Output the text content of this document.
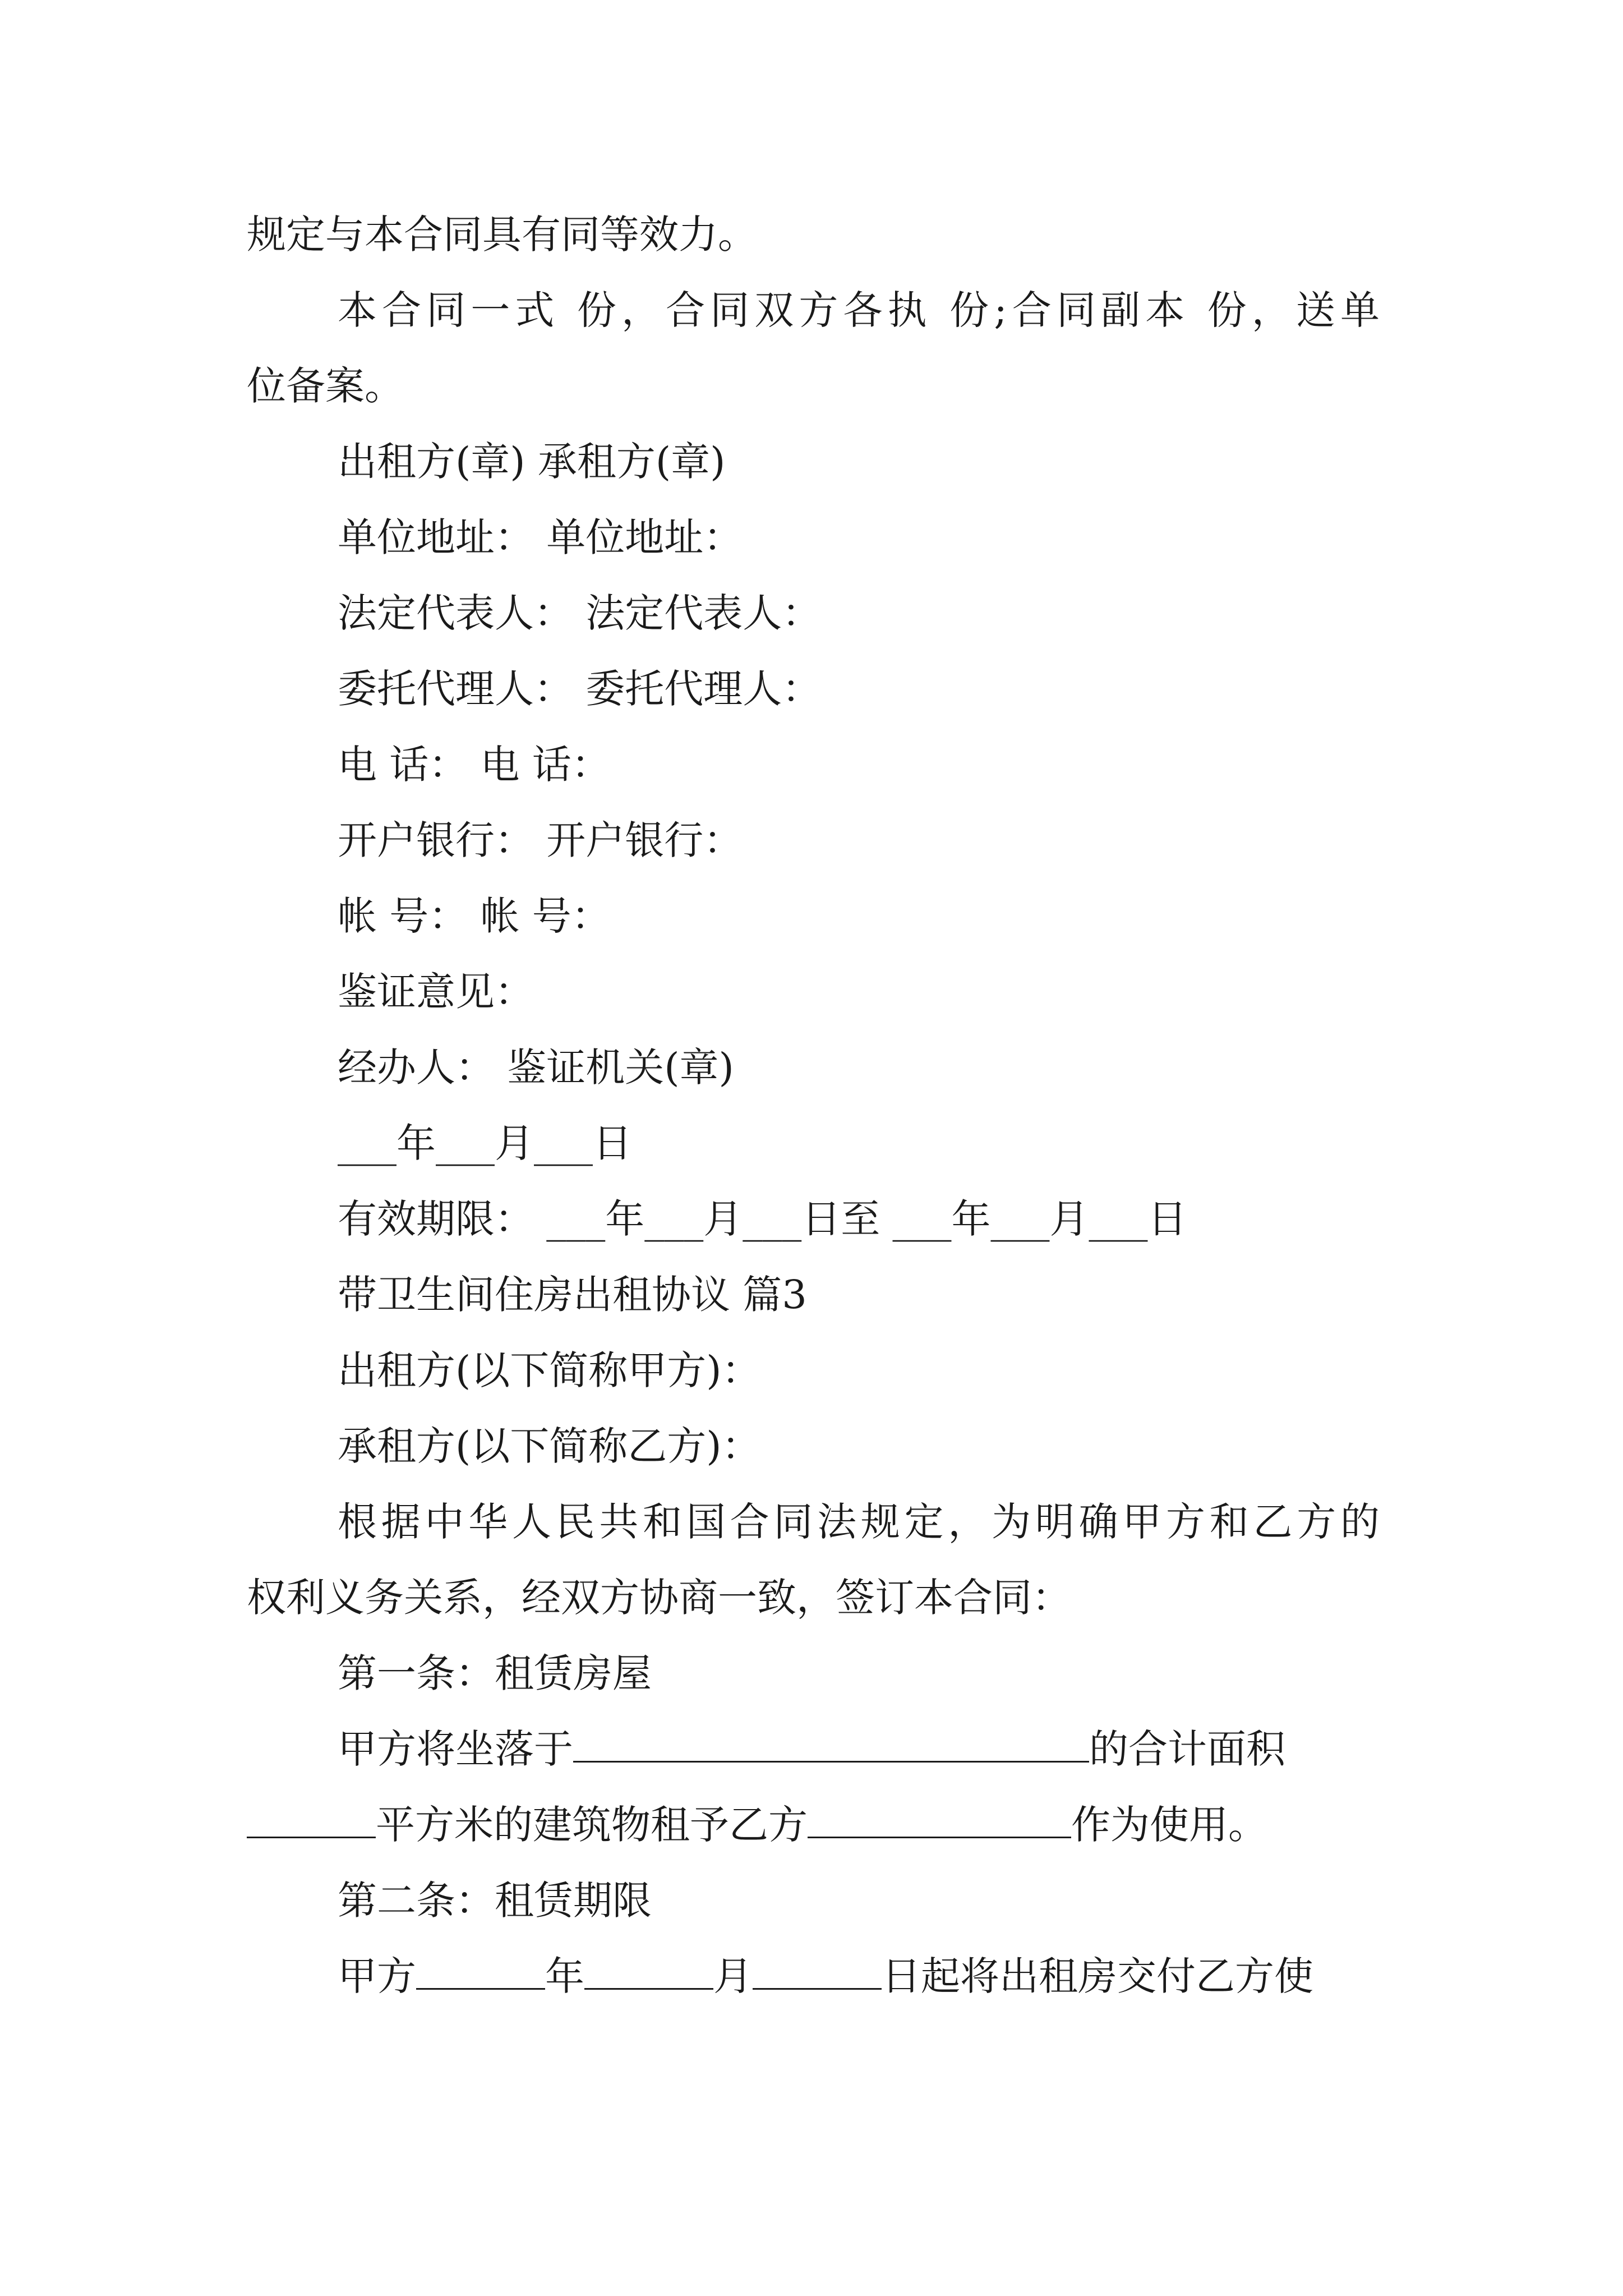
规定与本合同具有同等效力。
本合同一式 份，合同双方各执 份;合同副本 份，送单
位备案。
出租方(章) 承租方(章)
单位地址： 单位地址：
法定代表人： 法定代表人：
委托代理人： 委托代理人：
电 话： 电 话：
开户银行： 开户银行：
帐 号： 帐 号：
鉴证意见：
经办人： 鉴证机关(章)
___年___月___日
有效期限： ___年___月___日至 ___年___月___日
带卫生间住房出租协议 篇3
出租方(以下简称甲方)：
承租方(以下简称乙方)：
根据中华人民共和国合同法规定，为明确甲方和乙方的
权利义务关系，经双方协商一致，签订本合同：
第一条：租赁房屋
甲方将坐落于	的合计面积
平方米的建筑物租予乙方	作为使用。
第二条：租赁期限
甲方	年	月	日起将出租房交付乙方使
